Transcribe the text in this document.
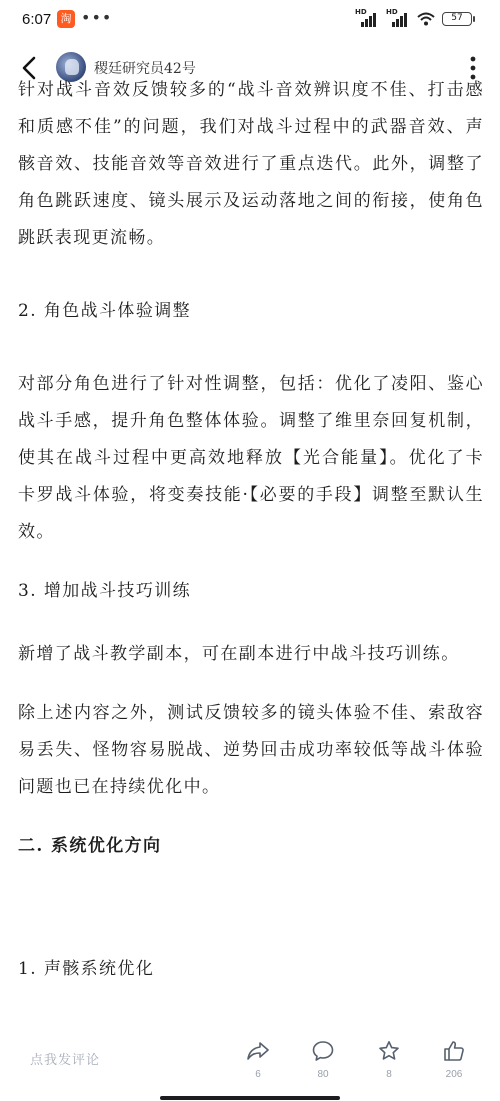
6:07 淘 •••	HD	HD
57
稷廷研究员42号

针对战斗音效反馈较多的“战斗音效辨识度不佳、打击感和质感不佳”的问题，我们对战斗过程中的武器音效、声骸音效、技能音效等音效进行了重点迭代。此外，调整了角色跳跃速度、镜头展示及运动落地之间的衔接，使角色跳跃表现更流畅。

2. 角色战斗体验调整

对部分角色进行了针对性调整，包括：优化了凌阳、鉴心战斗手感，提升角色整体体验。调整了维里奈回复机制，使其在战斗过程中更高效地释放【光合能量】。优化了卡卡罗战斗体验，将变奏技能·【必要的手段】调整至默认生效。

3. 增加战斗技巧训练

新增了战斗教学副本，可在副本进行中战斗技巧训练。

除上述内容之外，测试反馈较多的镜头体验不佳、索敌容易丢失、怪物容易脱战、逆势回击成功率较低等战斗体验问题也已在持续优化中。

二. 系统优化方向

1. 声骸系统优化

点我发评论
6	80	8	206
